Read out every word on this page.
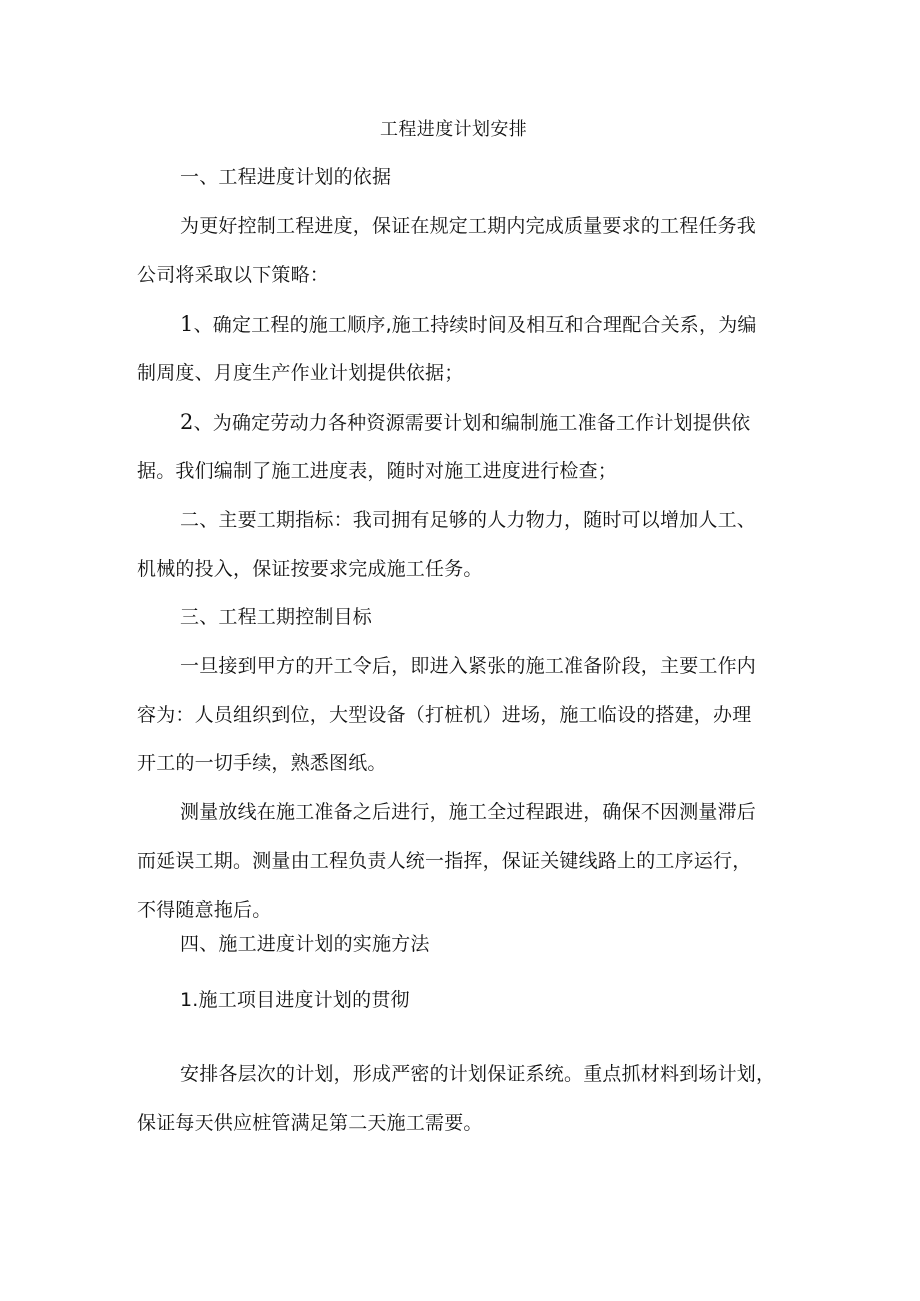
工程进度计划安排
一、工程进度计划的依据
为更好控制工程进度，保证在规定工期内完成质量要求的工程任务我
公司将采取以下策略：
1、确定工程的施工顺序,施工持续时间及相互和合理配合关系，为编
制周度、月度生产作业计划提供依据；
2、为确定劳动力各种资源需要计划和编制施工准备工作计划提供依
据。我们编制了施工进度表，随时对施工进度进行检查；
二、主要工期指标：我司拥有足够的人力物力，随时可以增加人工、
机械的投入，保证按要求完成施工任务。
三、工程工期控制目标
一旦接到甲方的开工令后，即进入紧张的施工准备阶段，主要工作内
容为：人员组织到位，大型设备（打桩机）进场，施工临设的搭建，办理
开工的一切手续，熟悉图纸。
测量放线在施工准备之后进行，施工全过程跟进，确保不因测量滞后
而延误工期。测量由工程负责人统一指挥，保证关键线路上的工序运行，
不得随意拖后。
四、施工进度计划的实施方法
1.施工项目进度计划的贯彻
安排各层次的计划，形成严密的计划保证系统。重点抓材料到场计划，
保证每天供应桩管满足第二天施工需要。
